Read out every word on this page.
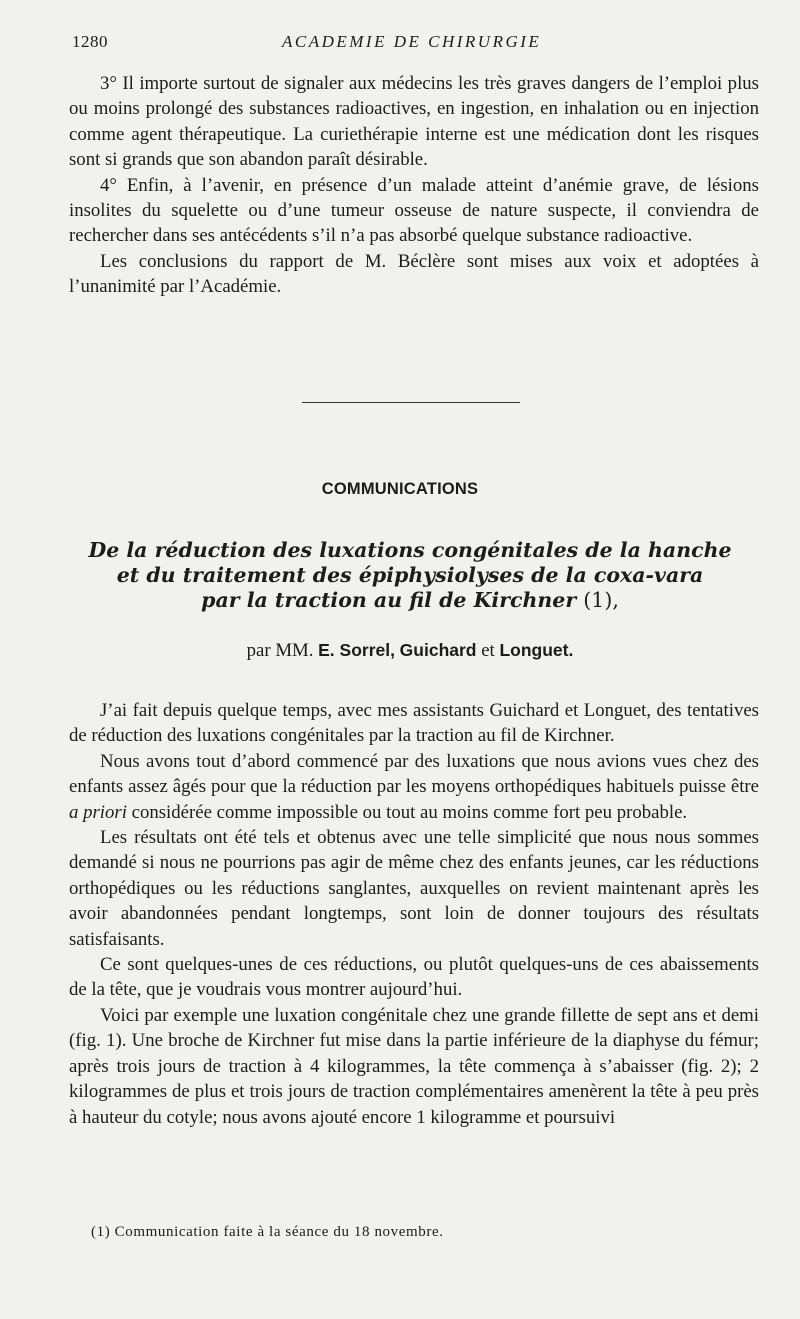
1280	ACADEMIE DE CHIRURGIE

3° Il importe surtout de signaler aux médecins les très graves dangers de l’emploi plus ou moins prolongé des substances radioactives, en ingestion, en inhalation ou en injection comme agent thérapeutique. La curiethérapie interne est une médication dont les risques sont si grands que son abandon paraît désirable.

4° Enfin, à l’avenir, en présence d’un malade atteint d’anémie grave, de lésions insolites du squelette ou d’une tumeur osseuse de nature suspecte, il conviendra de rechercher dans ses antécédents s’il n’a pas absorbé quelque substance radioactive.

Les conclusions du rapport de M. Béclère sont mises aux voix et adoptées à l’unanimité par l’Académie.

COMMUNICATIONS
De la réduction des luxations congénitales de la hanche
et du traitement des épiphysiolyses de la coxa-vara
par la traction au fil de Kirchner (1),
par MM. E. Sorrel, Guichard et Longuet.

J’ai fait depuis quelque temps, avec mes assistants Guichard et Longuet, des tentatives de réduction des luxations congénitales par la traction au fil de Kirchner.

Nous avons tout d’abord commencé par des luxations que nous avions vues chez des enfants assez âgés pour que la réduction par les moyens orthopédiques habituels puisse être a priori considérée comme impossible ou tout au moins comme fort peu probable.

Les résultats ont été tels et obtenus avec une telle simplicité que nous nous sommes demandé si nous ne pourrions pas agir de même chez des enfants jeunes, car les réductions orthopédiques ou les réductions sanglantes, auxquelles on revient maintenant après les avoir abandonnées pendant longtemps, sont loin de donner toujours des résultats satisfaisants.

Ce sont quelques-unes de ces réductions, ou plutôt quelques-uns de ces abaissements de la tête, que je voudrais vous montrer aujourd’hui.

Voici par exemple une luxation congénitale chez une grande fillette de sept ans et demi (fig. 1). Une broche de Kirchner fut mise dans la partie inférieure de la diaphyse du fémur; après trois jours de traction à 4 kilogrammes, la tête commença à s’abaisser (fig. 2); 2 kilogrammes de plus et trois jours de traction complémentaires amenèrent la tête à peu près à hauteur du cotyle; nous avons ajouté encore 1 kilogramme et poursuivi

(1) Communication faite à la séance du 18 novembre.
